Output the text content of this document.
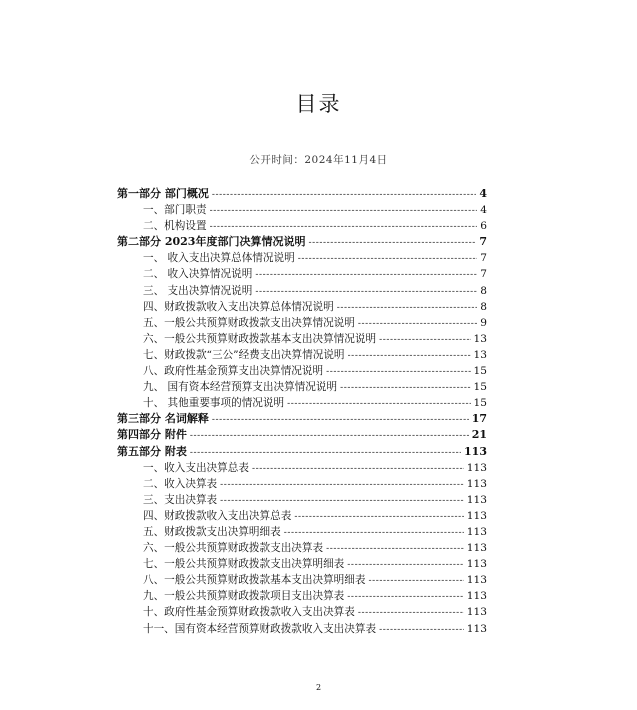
目录
公开时间：2024年11月4日
第一部分 部门概况 -----	4
一、部门职责 -----	4
二、机构设置 -----	6
第二部分 2023年度部门决算情况说明 -----	7
一、 收入支出决算总体情况说明 -----	7
二、 收入决算情况说明 -----	7
三、 支出决算情况说明 -----	8
四、财政拨款收入支出决算总体情况说明 -----	8
五、一般公共预算财政拨款支出决算情况说明 -----	9
六、一般公共预算财政拨款基本支出决算情况说明 -----	13
七、财政拨款“三公”经费支出决算情况说明 -----	13
八、政府性基金预算支出决算情况说明 -----	15
九、 国有资本经营预算支出决算情况说明 -----	15
十、 其他重要事项的情况说明 -----	15
第三部分 名词解释 -----	17
第四部分 附件 -----	21
第五部分 附表 -----	113
一、收入支出决算总表 -----	113
二、收入决算表 -----	113
三、支出决算表 -----	113
四、财政拨款收入支出决算总表 -----	113
五、财政拨款支出决算明细表 -----	113
六、一般公共预算财政拨款支出决算表 -----	113
七、一般公共预算财政拨款支出决算明细表 -----	113
八、一般公共预算财政拨款基本支出决算明细表 -----	113
九、一般公共预算财政拨款项目支出决算表 -----	113
十、政府性基金预算财政拨款收入支出决算表 -----	113
十一、国有资本经营预算财政拨款收入支出决算表 -----	113
2
